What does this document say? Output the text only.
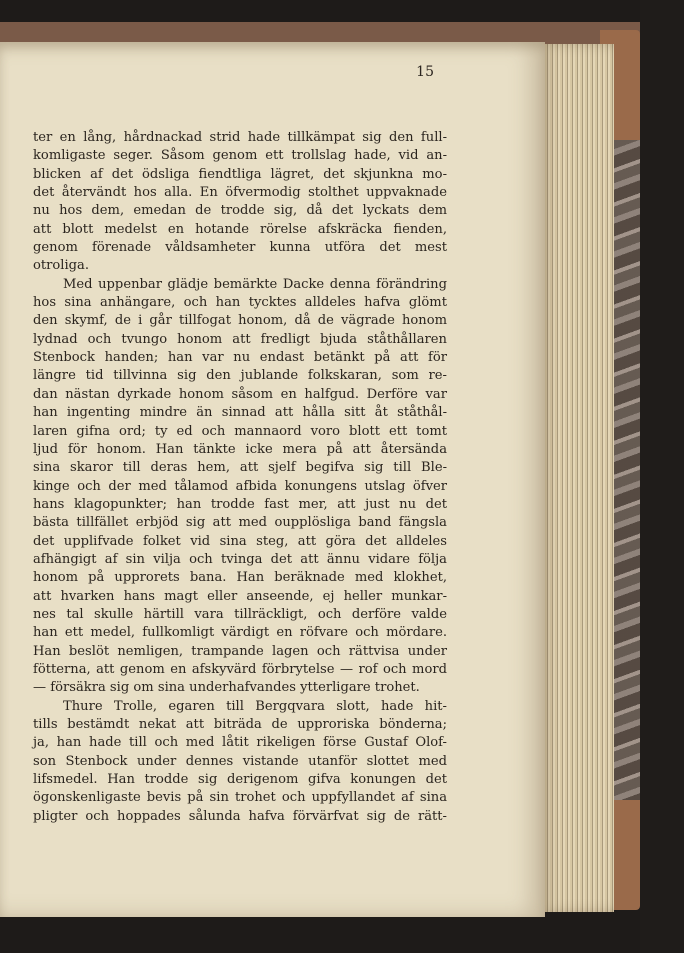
15
ter en lång, hårdnackad strid hade tillkämpat sig den full-
komligaste seger. Såsom genom ett trollslag hade, vid an-
blicken af det ödsliga fiendtliga lägret, det skjunkna mo-
det återvändt hos alla. En öfvermodig stolthet uppvaknade
nu hos dem, emedan de trodde sig, då det lyckats dem
att blott medelst en hotande rörelse afskräcka fienden,
genom förenade våldsamheter kunna utföra det mest
otroliga.
Med uppenbar glädje bemärkte Dacke denna förändring
hos sina anhängare, och han tycktes alldeles hafva glömt
den skymf, de i går tillfogat honom, då de vägrade honom
lydnad och tvungo honom att fredligt bjuda ståthållaren
Stenbock handen; han var nu endast betänkt på att för
längre tid tillvinna sig den jublande folkskaran, som re-
dan nästan dyrkade honom såsom en halfgud. Derföre var
han ingenting mindre än sinnad att hålla sitt åt ståthål-
laren gifna ord; ty ed och mannaord voro blott ett tomt
ljud för honom. Han tänkte icke mera på att återsända
sina skaror till deras hem, att sjelf begifva sig till Ble-
kinge och der med tålamod afbida konungens utslag öfver
hans klagopunkter; han trodde fast mer, att just nu det
bästa tillfället erbjöd sig att med oupplösliga band fängsla
det upplifvade folket vid sina steg, att göra det alldeles
afhängigt af sin vilja och tvinga det att ännu vidare följa
honom på upprorets bana. Han beräknade med klokhet,
att hvarken hans magt eller anseende, ej heller munkar-
nes tal skulle härtill vara tillräckligt, och derföre valde
han ett medel, fullkomligt värdigt en röfvare och mördare.
Han beslöt nemligen, trampande lagen och rättvisa under
fötterna, att genom en afskyvärd förbrytelse — rof och mord
— försäkra sig om sina underhafvandes ytterligare trohet.
Thure Trolle, egaren till Bergqvara slott, hade hit-
tills bestämdt nekat att biträda de upproriska bönderna;
ja, han hade till och med låtit rikeligen förse Gustaf Olof-
son Stenbock under dennes vistande utanför slottet med
lifsmedel. Han trodde sig derigenom gifva konungen det
ögonskenligaste bevis på sin trohet och uppfyllandet af sina
pligter och hoppades sålunda hafva förvärfvat sig de rätt-
